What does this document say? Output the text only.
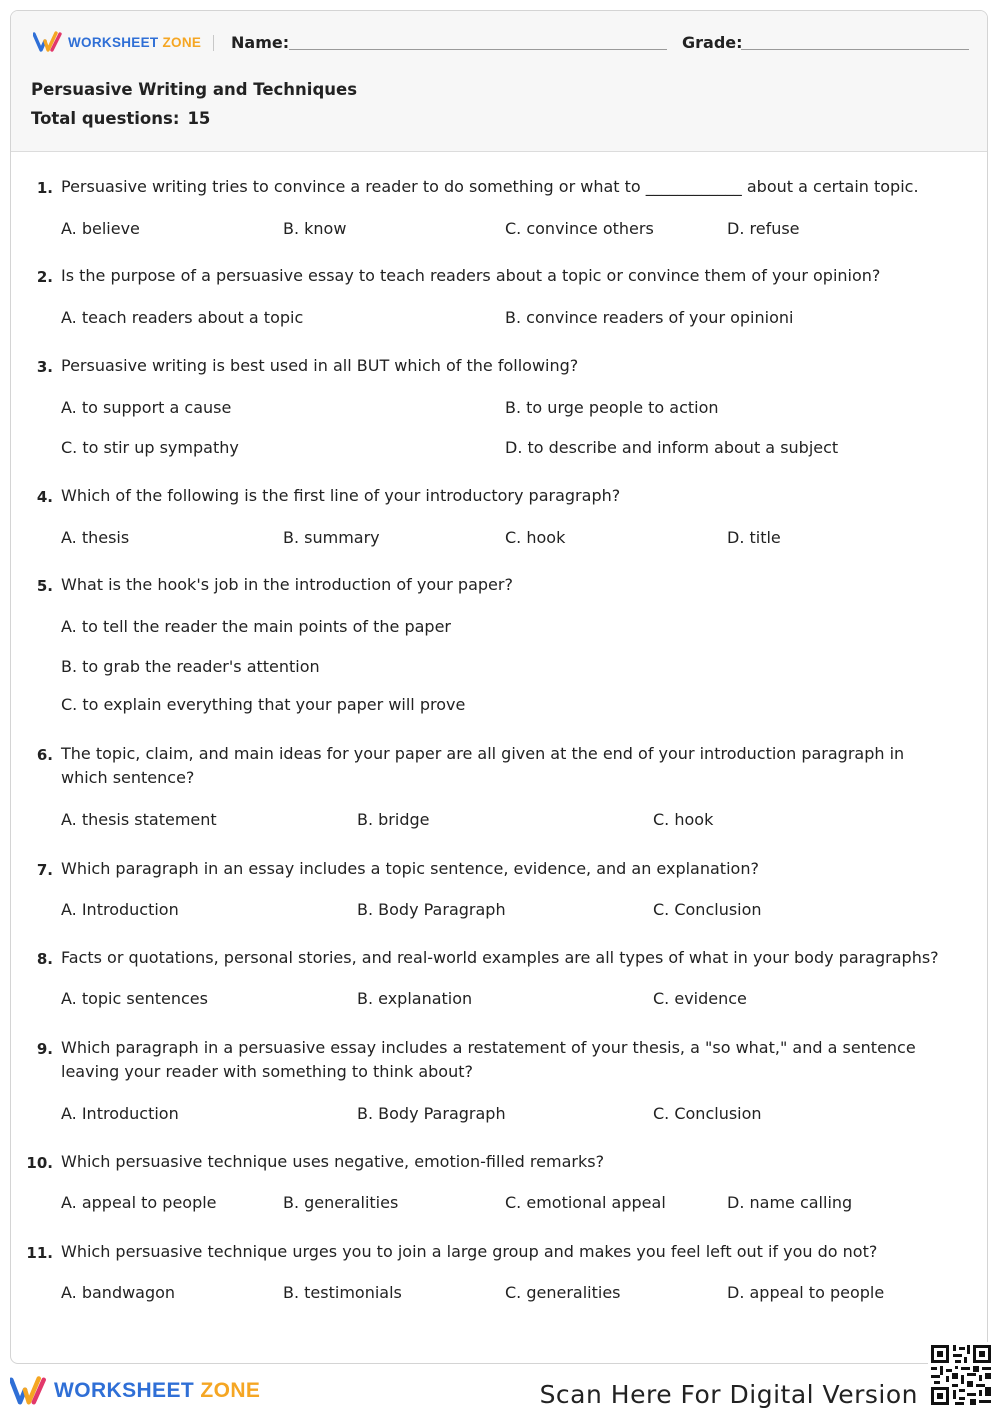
WORKSHEET ZONE Name:	Grade:
Persuasive Writing and Techniques
Total questions: 15
1. Persuasive writing tries to convince a reader to do something or what to ____________ about a certain topic.
A. believe	B. know	C. convince others	D. refuse
2. Is the purpose of a persuasive essay to teach readers about a topic or convince them of your opinion?
A. teach readers about a topic	B. convince readers of your opinioni
3. Persuasive writing is best used in all BUT which of the following?
A. to support a cause	B. to urge people to action
C. to stir up sympathy	D. to describe and inform about a subject
4. Which of the following is the first line of your introductory paragraph?
A. thesis	B. summary	C. hook	D. title
5. What is the hook's job in the introduction of your paper?
A. to tell the reader the main points of the paper
B. to grab the reader's attention
C. to explain everything that your paper will prove
6. The topic, claim, and main ideas for your paper are all given at the end of your introduction paragraph in which sentence?
A. thesis statement	B. bridge	C. hook
7. Which paragraph in an essay includes a topic sentence, evidence, and an explanation?
A. Introduction	B. Body Paragraph	C. Conclusion
8. Facts or quotations, personal stories, and real-world examples are all types of what in your body paragraphs?
A. topic sentences	B. explanation	C. evidence
9. Which paragraph in a persuasive essay includes a restatement of your thesis, a "so what," and a sentence leaving your reader with something to think about?
A. Introduction	B. Body Paragraph	C. Conclusion
10. Which persuasive technique uses negative, emotion-filled remarks?
A. appeal to people	B. generalities	C. emotional appeal	D. name calling
11. Which persuasive technique urges you to join a large group and makes you feel left out if you do not?
A. bandwagon	B. testimonials	C. generalities	D. appeal to people
WORKSHEET ZONE	Scan Here For Digital Version
